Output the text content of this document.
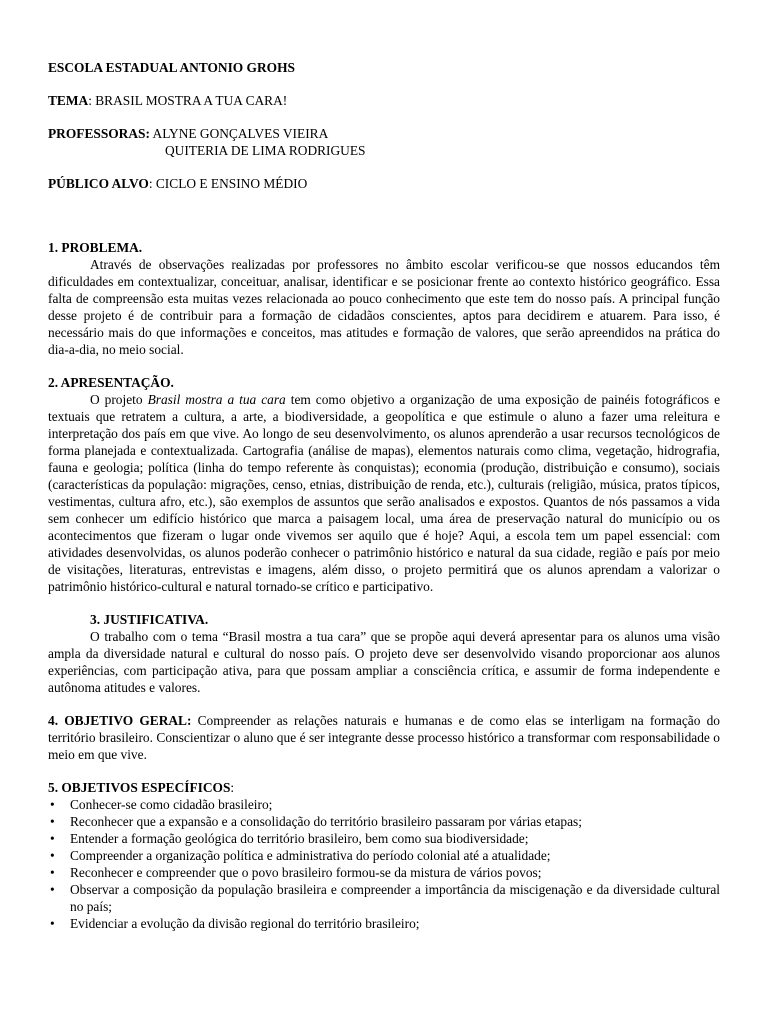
ESCOLA ESTADUAL ANTONIO GROHS
TEMA: BRASIL MOSTRA A TUA CARA!
PROFESSORAS: ALYNE GONÇALVES VIEIRA
QUITERIA DE LIMA RODRIGUES
PÚBLICO ALVO: CICLO E ENSINO MÉDIO
1. PROBLEMA.

Através de observações realizadas por professores no âmbito escolar verificou-se que nossos educandos têm dificuldades em contextualizar, conceituar, analisar, identificar e se posicionar frente ao contexto histórico geográfico. Essa falta de compreensão esta muitas vezes relacionada ao pouco conhecimento que este tem do nosso país. A principal função desse projeto é de contribuir para a formação de cidadãos conscientes, aptos para decidirem e atuarem. Para isso, é necessário mais do que informações e conceitos, mas atitudes e formação de valores, que serão apreendidos na prática do dia-a-dia, no meio social.

2. APRESENTAÇÃO.

O projeto Brasil mostra a tua cara tem como objetivo a organização de uma exposição de painéis fotográficos e textuais que retratem a cultura, a arte, a biodiversidade, a geopolítica e que estimule o aluno a fazer uma releitura e interpretação dos país em que vive. Ao longo de seu desenvolvimento, os alunos aprenderão a usar recursos tecnológicos de forma planejada e contextualizada. Cartografia (análise de mapas), elementos naturais como clima, vegetação, hidrografia, fauna e geologia; política (linha do tempo referente às conquistas); economia (produção, distribuição e consumo), sociais (características da população: migrações, censo, etnias, distribuição de renda, etc.), culturais (religião, música, pratos típicos, vestimentas, cultura afro, etc.), são exemplos de assuntos que serão analisados e expostos. Quantos de nós passamos a vida sem conhecer um edifício histórico que marca a paisagem local, uma área de preservação natural do município ou os acontecimentos que fizeram o lugar onde vivemos ser aquilo que é hoje? Aqui, a escola tem um papel essencial: com atividades desenvolvidas, os alunos poderão conhecer o patrimônio histórico e natural da sua cidade, região e país por meio de visitações, literaturas, entrevistas e imagens, além disso, o projeto permitirá que os alunos aprendam a valorizar o patrimônio histórico-cultural e natural tornado-se crítico e participativo.

3. JUSTIFICATIVA.

O trabalho com o tema “Brasil mostra a tua cara” que se propõe aqui deverá apresentar para os alunos uma visão ampla da diversidade natural e cultural do nosso país. O projeto deve ser desenvolvido visando proporcionar aos alunos experiências, com participação ativa, para que possam ampliar a consciência crítica, e assumir de forma independente e autônoma atitudes e valores.

4. OBJETIVO GERAL: Compreender as relações naturais e humanas e de como elas se interligam na formação do território brasileiro. Conscientizar o aluno que é ser integrante desse processo histórico a transformar com responsabilidade o meio em que vive.

5. OBJETIVOS ESPECÍFICOS:
• Conhecer-se como cidadão brasileiro;
• Reconhecer que a expansão e a consolidação do território brasileiro passaram por várias etapas;
• Entender a formação geológica do território brasileiro, bem como sua biodiversidade;
• Compreender a organização política e administrativa do período colonial até a atualidade;
• Reconhecer e compreender que o povo brasileiro formou-se da mistura de vários povos;
• Observar a composição da população brasileira e compreender a importância da miscigenação e da diversidade cultural no país;
• Evidenciar a evolução da divisão regional do território brasileiro;
